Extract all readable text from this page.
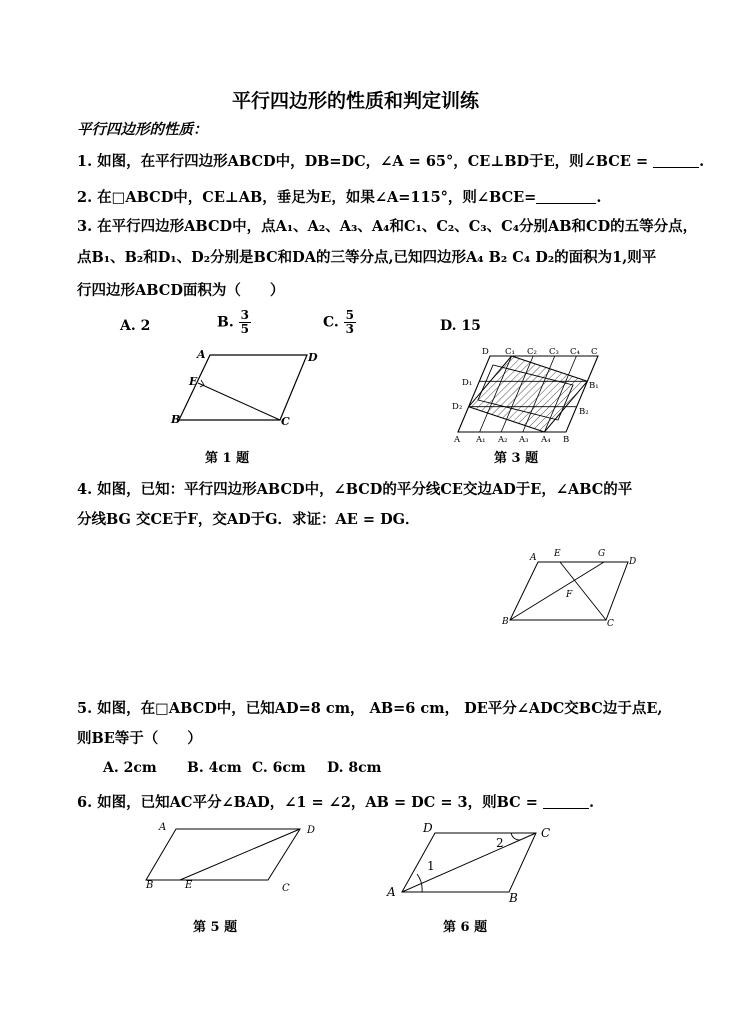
平行四边形的性质和判定训练
平行四边形的性质：
1. 如图，在平行四边形ABCD中，DB=DC，∠A = 65°，CE⊥BD于E，则∠BCE =	.
2. 在□ABCD中，CE⊥AB，垂足为E，如果∠A=115°，则∠BCE=	.
3. 在平行四边形ABCD中，点A₁、A₂、A₃、A₄和C₁、C₂、C₃、C₄分别AB和CD的五等分点，
点B₁、B₂和D₁、D₂分别是BC和DA的三等分点,已知四边形A₄ B₂ C₄ D₂的面积为1,则平
行四边形ABCD面积为（　　）
A. 2	B. $\frac{3}{5}$	C. $\frac{5}{3}$	D. 15
A	D
E
B	C
第 1 题
D C₁ C₂ C₃ C₄ C
A A₁ A₂ A₃ A₄ B
D₁
D₂
B₁
B₂
第 3 题
4. 如图，已知：平行四边形ABCD中，∠BCD的平分线CE交边AD于E，∠ABC的平
分线BG 交CE于F，交AD于G．求证：AE = DG．
A E	G
D
F
B	C
5. 如图，在□ABCD中，已知AD=8 cm， AB=6 cm， DE平分∠ADC交BC边于点E,
则BE等于（　　）
A. 2cm B. 4cm C. 6cm D. 8cm
6. 如图，已知AC平分∠BAD，∠1 = ∠2，AB = DC = 3，则BC =	.
A	D
B	E	C
第 5 题
D	C
A	B
1
2
第 6 题
